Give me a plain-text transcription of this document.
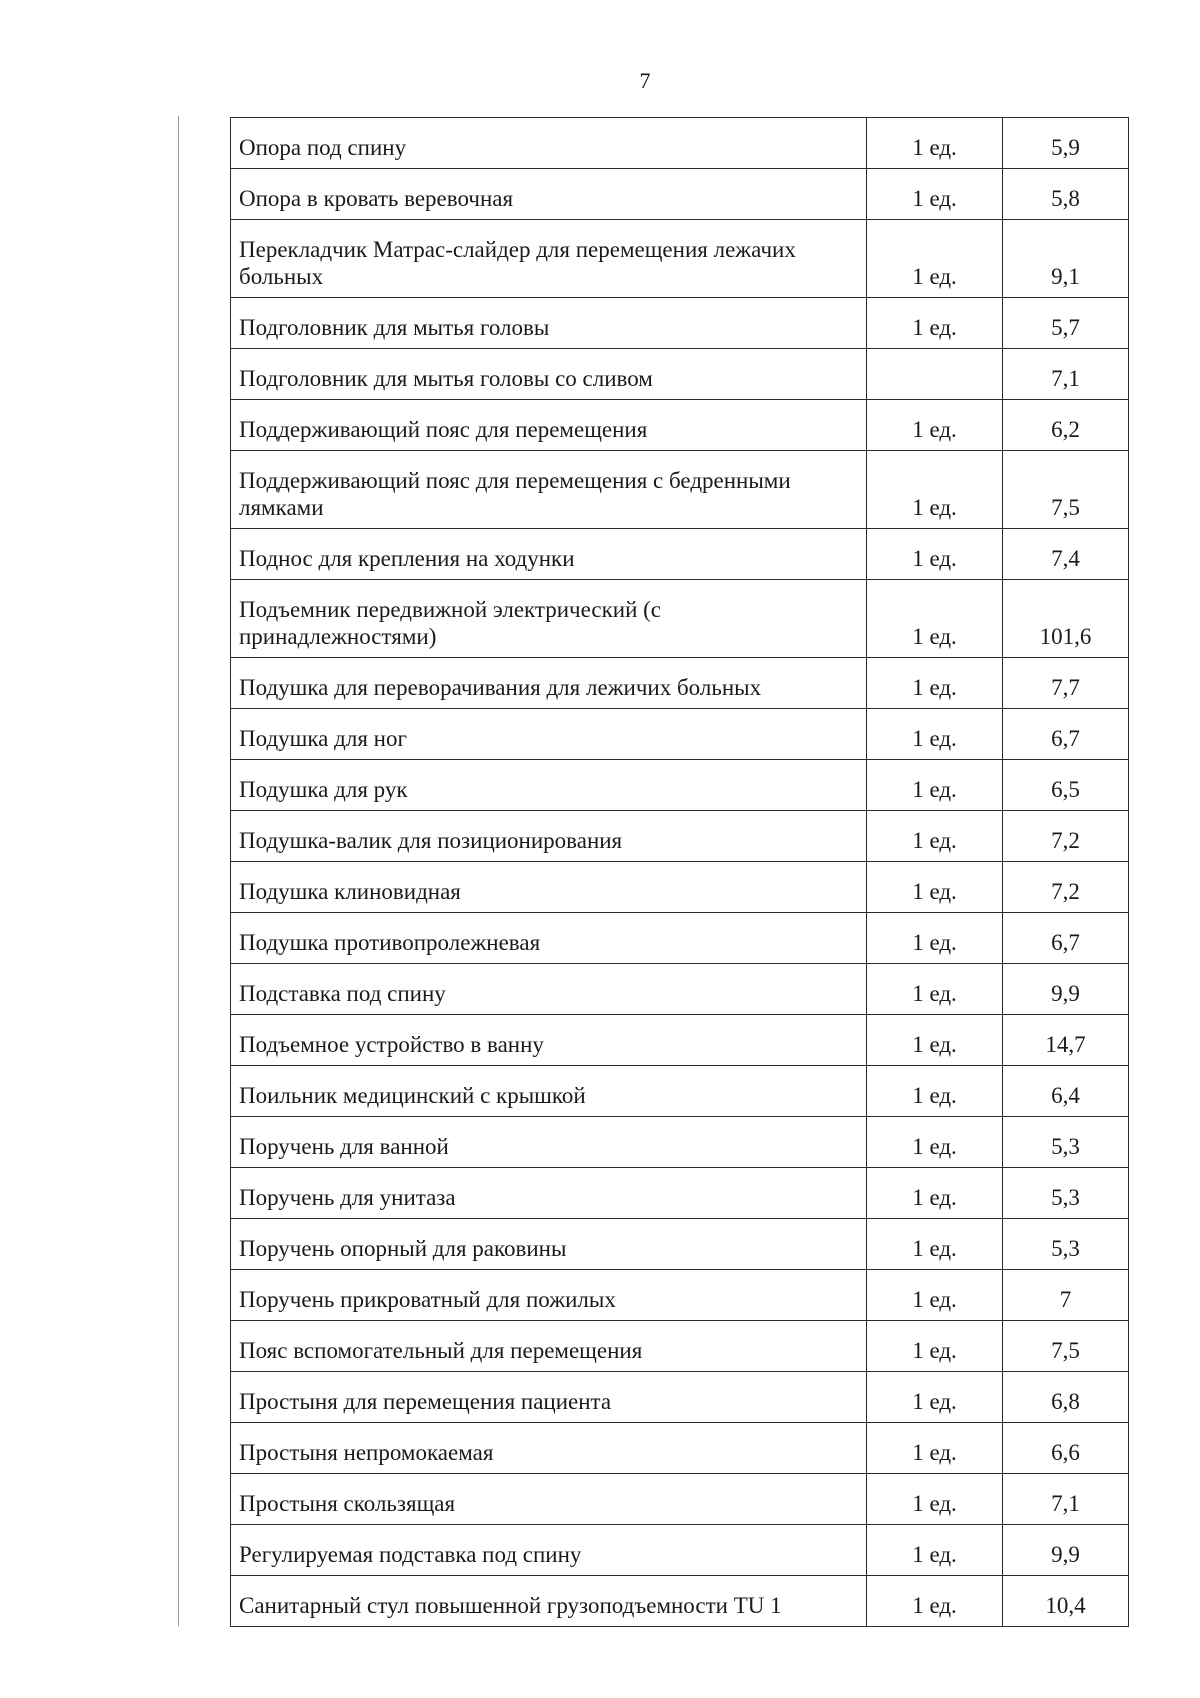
7
Опора под спину	1 ед.	5,9
Опора в кровать веревочная	1 ед.	5,8
Перекладчик Матрас-слайдер для перемещения лежачих больных	1 ед.	9,1
Подголовник для мытья головы	1 ед.	5,7
Подголовник для мытья головы со сливом		7,1
Поддерживающий пояс для перемещения	1 ед.	6,2
Поддерживающий пояс для перемещения с бедренными лямками	1 ед.	7,5
Поднос для крепления на ходунки	1 ед.	7,4
Подъемник передвижной электрический (с принадлежностями)	1 ед.	101,6
Подушка для переворачивания для лежичих больных	1 ед.	7,7
Подушка для ног	1 ед.	6,7
Подушка для рук	1 ед.	6,5
Подушка-валик для позиционирования	1 ед.	7,2
Подушка клиновидная	1 ед.	7,2
Подушка противопролежневая	1 ед.	6,7
Подставка под спину	1 ед.	9,9
Подъемное устройство в ванну	1 ед.	14,7
Поильник медицинский с крышкой	1 ед.	6,4
Поручень для ванной	1 ед.	5,3
Поручень для унитаза	1 ед.	5,3
Поручень опорный для раковины	1 ед.	5,3
Поручень прикроватный для пожилых	1 ед.	7
Пояс вспомогательный для перемещения	1 ед.	7,5
Простыня для перемещения пациента	1 ед.	6,8
Простыня непромокаемая	1 ед.	6,6
Простыня скользящая	1 ед.	7,1
Регулируемая подставка под спину	1 ед.	9,9
Санитарный стул повышенной грузоподъемности TU 1	1 ед.	10,4
